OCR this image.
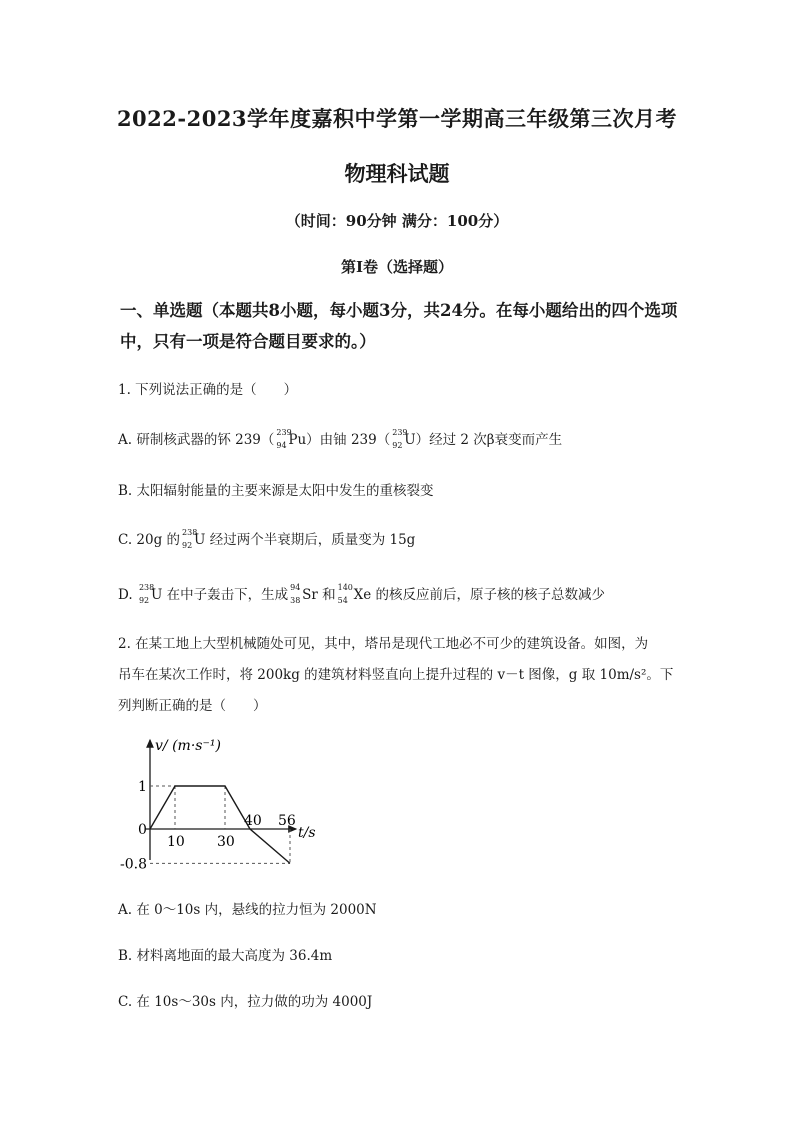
2022-2023学年度嘉积中学第一学期高三年级第三次月考
物理科试题
（时间：90分钟 满分：100分）
第I卷（选择题）
一、单选题（本题共8小题，每小题3分，共24分。在每小题给出的四个选项
中，只有一项是符合题目要求的。）
1. 下列说法正确的是（　　）
A. 研制核武器的钚 239（ 239
94 Pu）由铀 239（ 239
92 U）经过 2 次β衰变而产生
B. 太阳辐射能量的主要来源是太阳中发生的重核裂变
C. 20g 的 238
92 U 经过两个半衰期后，质量变为 15g
D. 238
92 U 在中子轰击下，生成 94
38 Sr 和 140
54 Xe 的核反应前后，原子核的核子总数减少
2. 在某工地上大型机械随处可见，其中，塔吊是现代工地必不可少的建筑设备。如图，为
吊车在某次工作时，将 200kg 的建筑材料竖直向上提升过程的 v－t 图像，g 取 10m/s²。下
列判断正确的是（　　）
v/ (m·s⁻¹)
t/s
0
10 30
40 56
1
-0.8
A. 在 0～10s 内，悬线的拉力恒为 2000N
B. 材料离地面的最大高度为 36.4m
C. 在 10s～30s 内，拉力做的功为 4000J
